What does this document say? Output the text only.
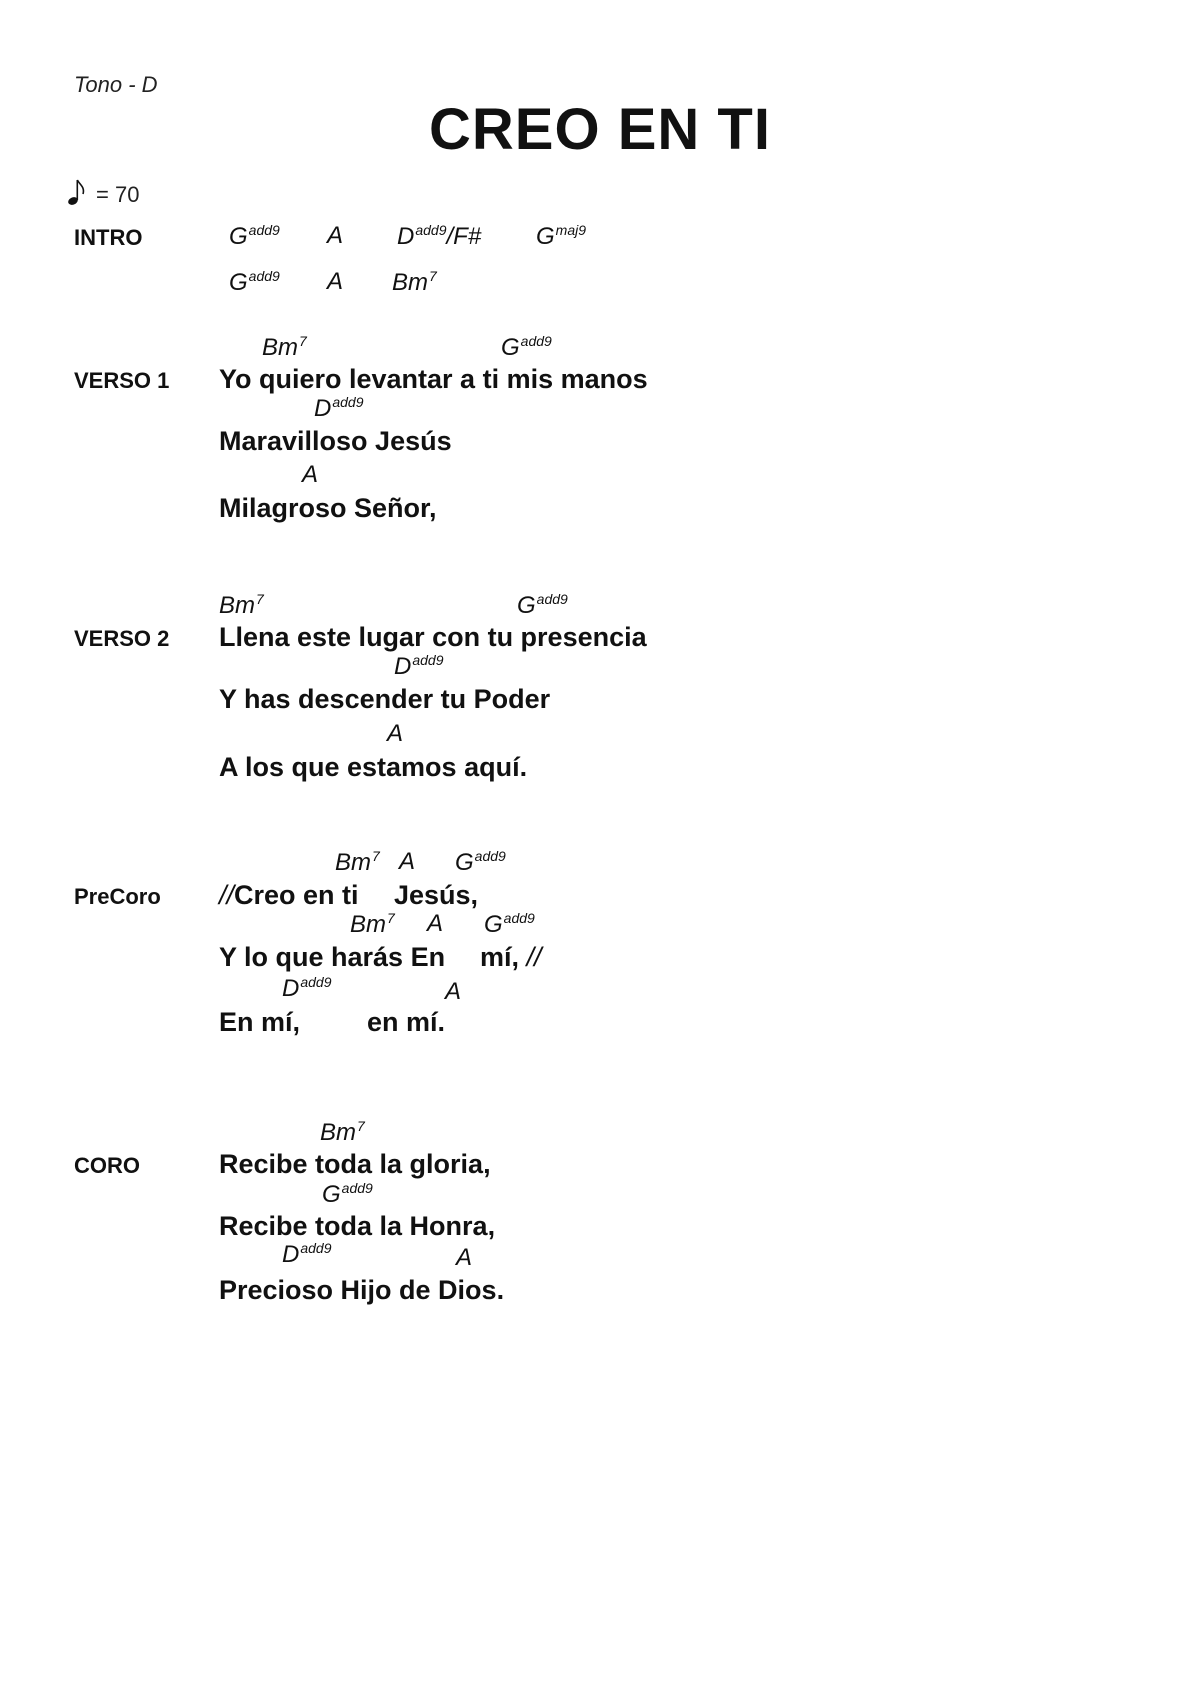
Tono - D
CREO EN TI
= 70
INTRO	$G^{add9}$ A $D^{add9}/F\#$ $G^{maj9}$
$G^{add9}$ A Bm$^7$
Bm$^7$	$G^{add9}$
VERSO 1 Yo quiero levantar a ti mis manos
$D^{add9}$
Maravilloso Jesús
A
Milagroso Señor,
Bm$^7$	$G^{add9}$
VERSO 2 Llena este lugar con tu presencia
$D^{add9}$
Y has descender tu Poder
A
A los que estamos aquí.
Bm$^7$ A $G^{add9}$
PreCoro //Creo en ti Jesús,
Bm$^7$ A $G^{add9}$
Y lo que harás En mí, //
$D^{add9}$	A
En mí, en mí.
Bm$^7$
CORO	Recibe toda la gloria,
$G^{add9}$
Recibe toda la Honra,
$D^{add9}$	A
Precioso Hijo de Dios.
